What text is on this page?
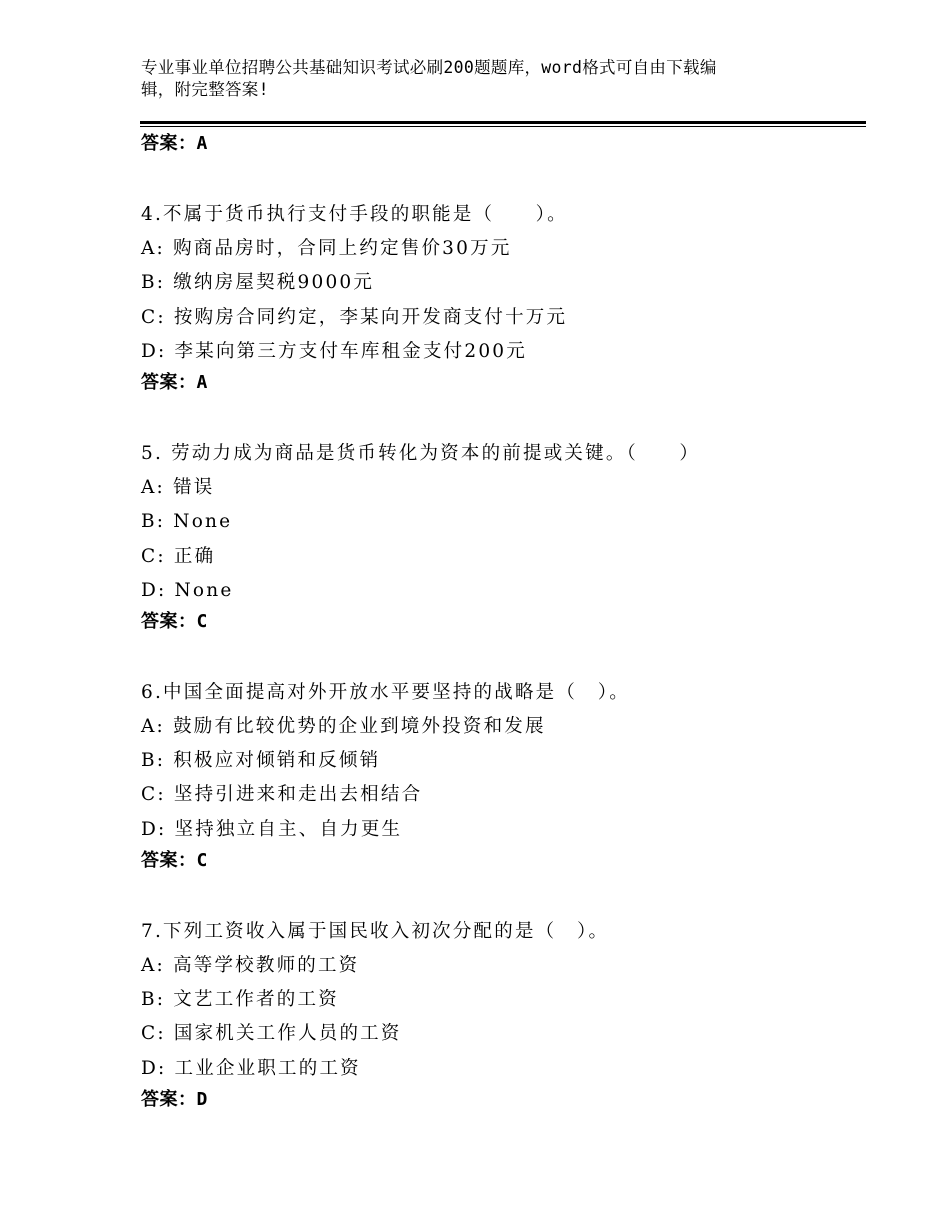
专业事业单位招聘公共基础知识考试必刷200题题库，word格式可自由下载编
辑，附完整答案!
答案：A
4.不属于货币执行支付手段的职能是（　　）。
A: 购商品房时，合同上约定售价30万元
B: 缴纳房屋契税9000元
C: 按购房合同约定，李某向开发商支付十万元
D: 李某向第三方支付车库租金支付200元
答案：A
5. 劳动力成为商品是货币转化为资本的前提或关键。（　　）
A: 错误
B: None
C: 正确
D: None
答案：C
6.中国全面提高对外开放水平要坚持的战略是（　）。
A: 鼓励有比较优势的企业到境外投资和发展
B: 积极应对倾销和反倾销
C: 坚持引进来和走出去相结合
D: 坚持独立自主、自力更生
答案：C
7.下列工资收入属于国民收入初次分配的是（　）。
A: 高等学校教师的工资
B: 文艺工作者的工资
C: 国家机关工作人员的工资
D: 工业企业职工的工资
答案：D
